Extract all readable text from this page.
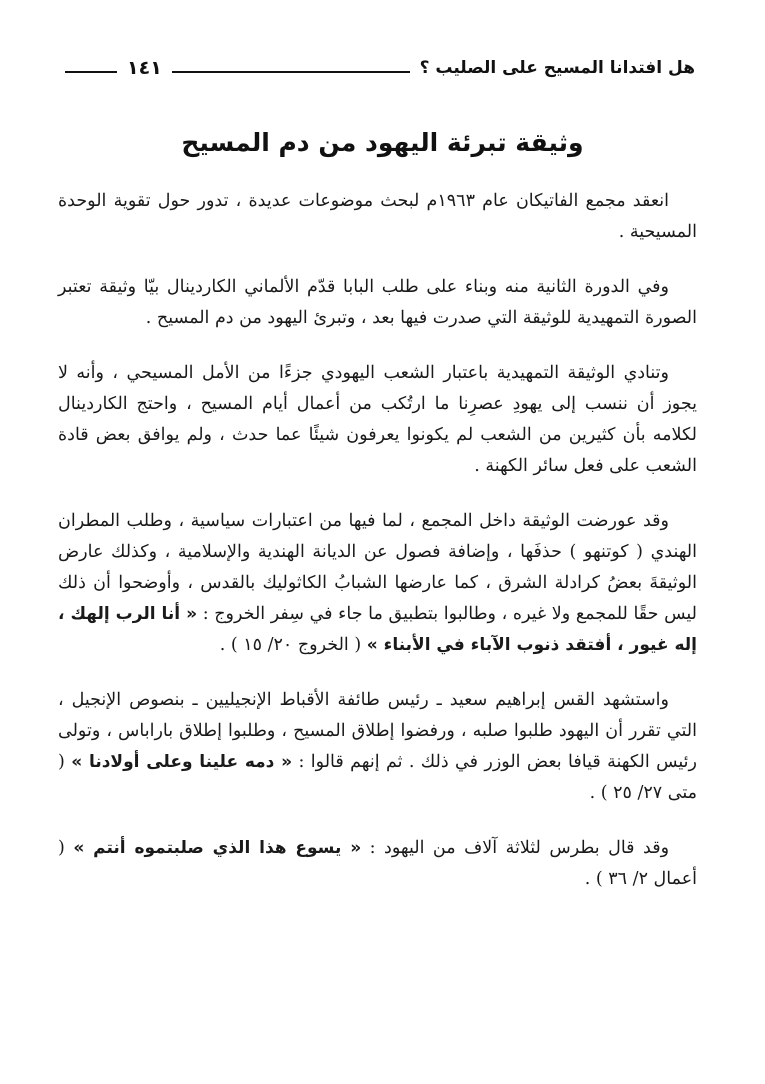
هل افتدانا المسيح على الصليب ؟
١٤١
وثيقة تبرئة اليهود من دم المسيح

انعقد مجمع الفاتيكان عام ١٩٦٣م لبحث موضوعات عديدة ، تدور حول تقوية الوحدة المسيحية .

وفي الدورة الثانية منه وبناء على طلب البابا قدّم الألماني الكاردينال بيّا وثيقة تعتبر الصورة التمهيدية للوثيقة التي صدرت فيها بعد ، وتبرئ اليهود من دم المسيح .

وتنادي الوثيقة التمهيدية باعتبار الشعب اليهودي جزءًا من الأمل المسيحي ، وأنه لا يجوز أن ننسب إلى يهودِ عصرِنا ما ارتُكب من أعمال أيام المسيح ، واحتج الكاردينال لكلامه بأن كثيرين من الشعب لم يكونوا يعرفون شيئًا عما حدث ، ولم يوافق بعض قادة الشعب على فعل سائر الكهنة .

وقد عورضت الوثيقة داخل المجمع ، لما فيها من اعتبارات سياسية ، وطلب المطران الهندي ( كوتنهو ) حذفَها ، وإضافة فصول عن الديانة الهندية والإسلامية ، وكذلك عارض الوثيقةَ بعضُ كرادلة الشرق ، كما عارضها الشبابُ الكاثوليك بالقدس ، وأوضحوا أن ذلك ليس حقًا للمجمع ولا غيره ، وطالبوا بتطبيق ما جاء في سِفر الخروج : « أنا الرب إلهك ، إله غيور ، أفتقد ذنوب الآباء في الأبناء » ( الخروج ٢٠/ ١٥ ) .

واستشهد القس إبراهيم سعيد ـ رئيس طائفة الأقباط الإنجيليين ـ بنصوص الإنجيل ، التي تقرر أن اليهود طلبوا صلبه ، ورفضوا إطلاق المسيح ، وطلبوا إطلاق باراباس ، وتولى رئيس الكهنة قيافا بعض الوزر في ذلك . ثم إنهم قالوا : « دمه علينا وعلى أولادنا » ( متى ٢٧/ ٢٥ ) .

وقد قال بطرس لثلاثة آلاف من اليهود : « يسوع هذا الذي صلبتموه أنتم » ( أعمال ٢/ ٣٦ ) .
